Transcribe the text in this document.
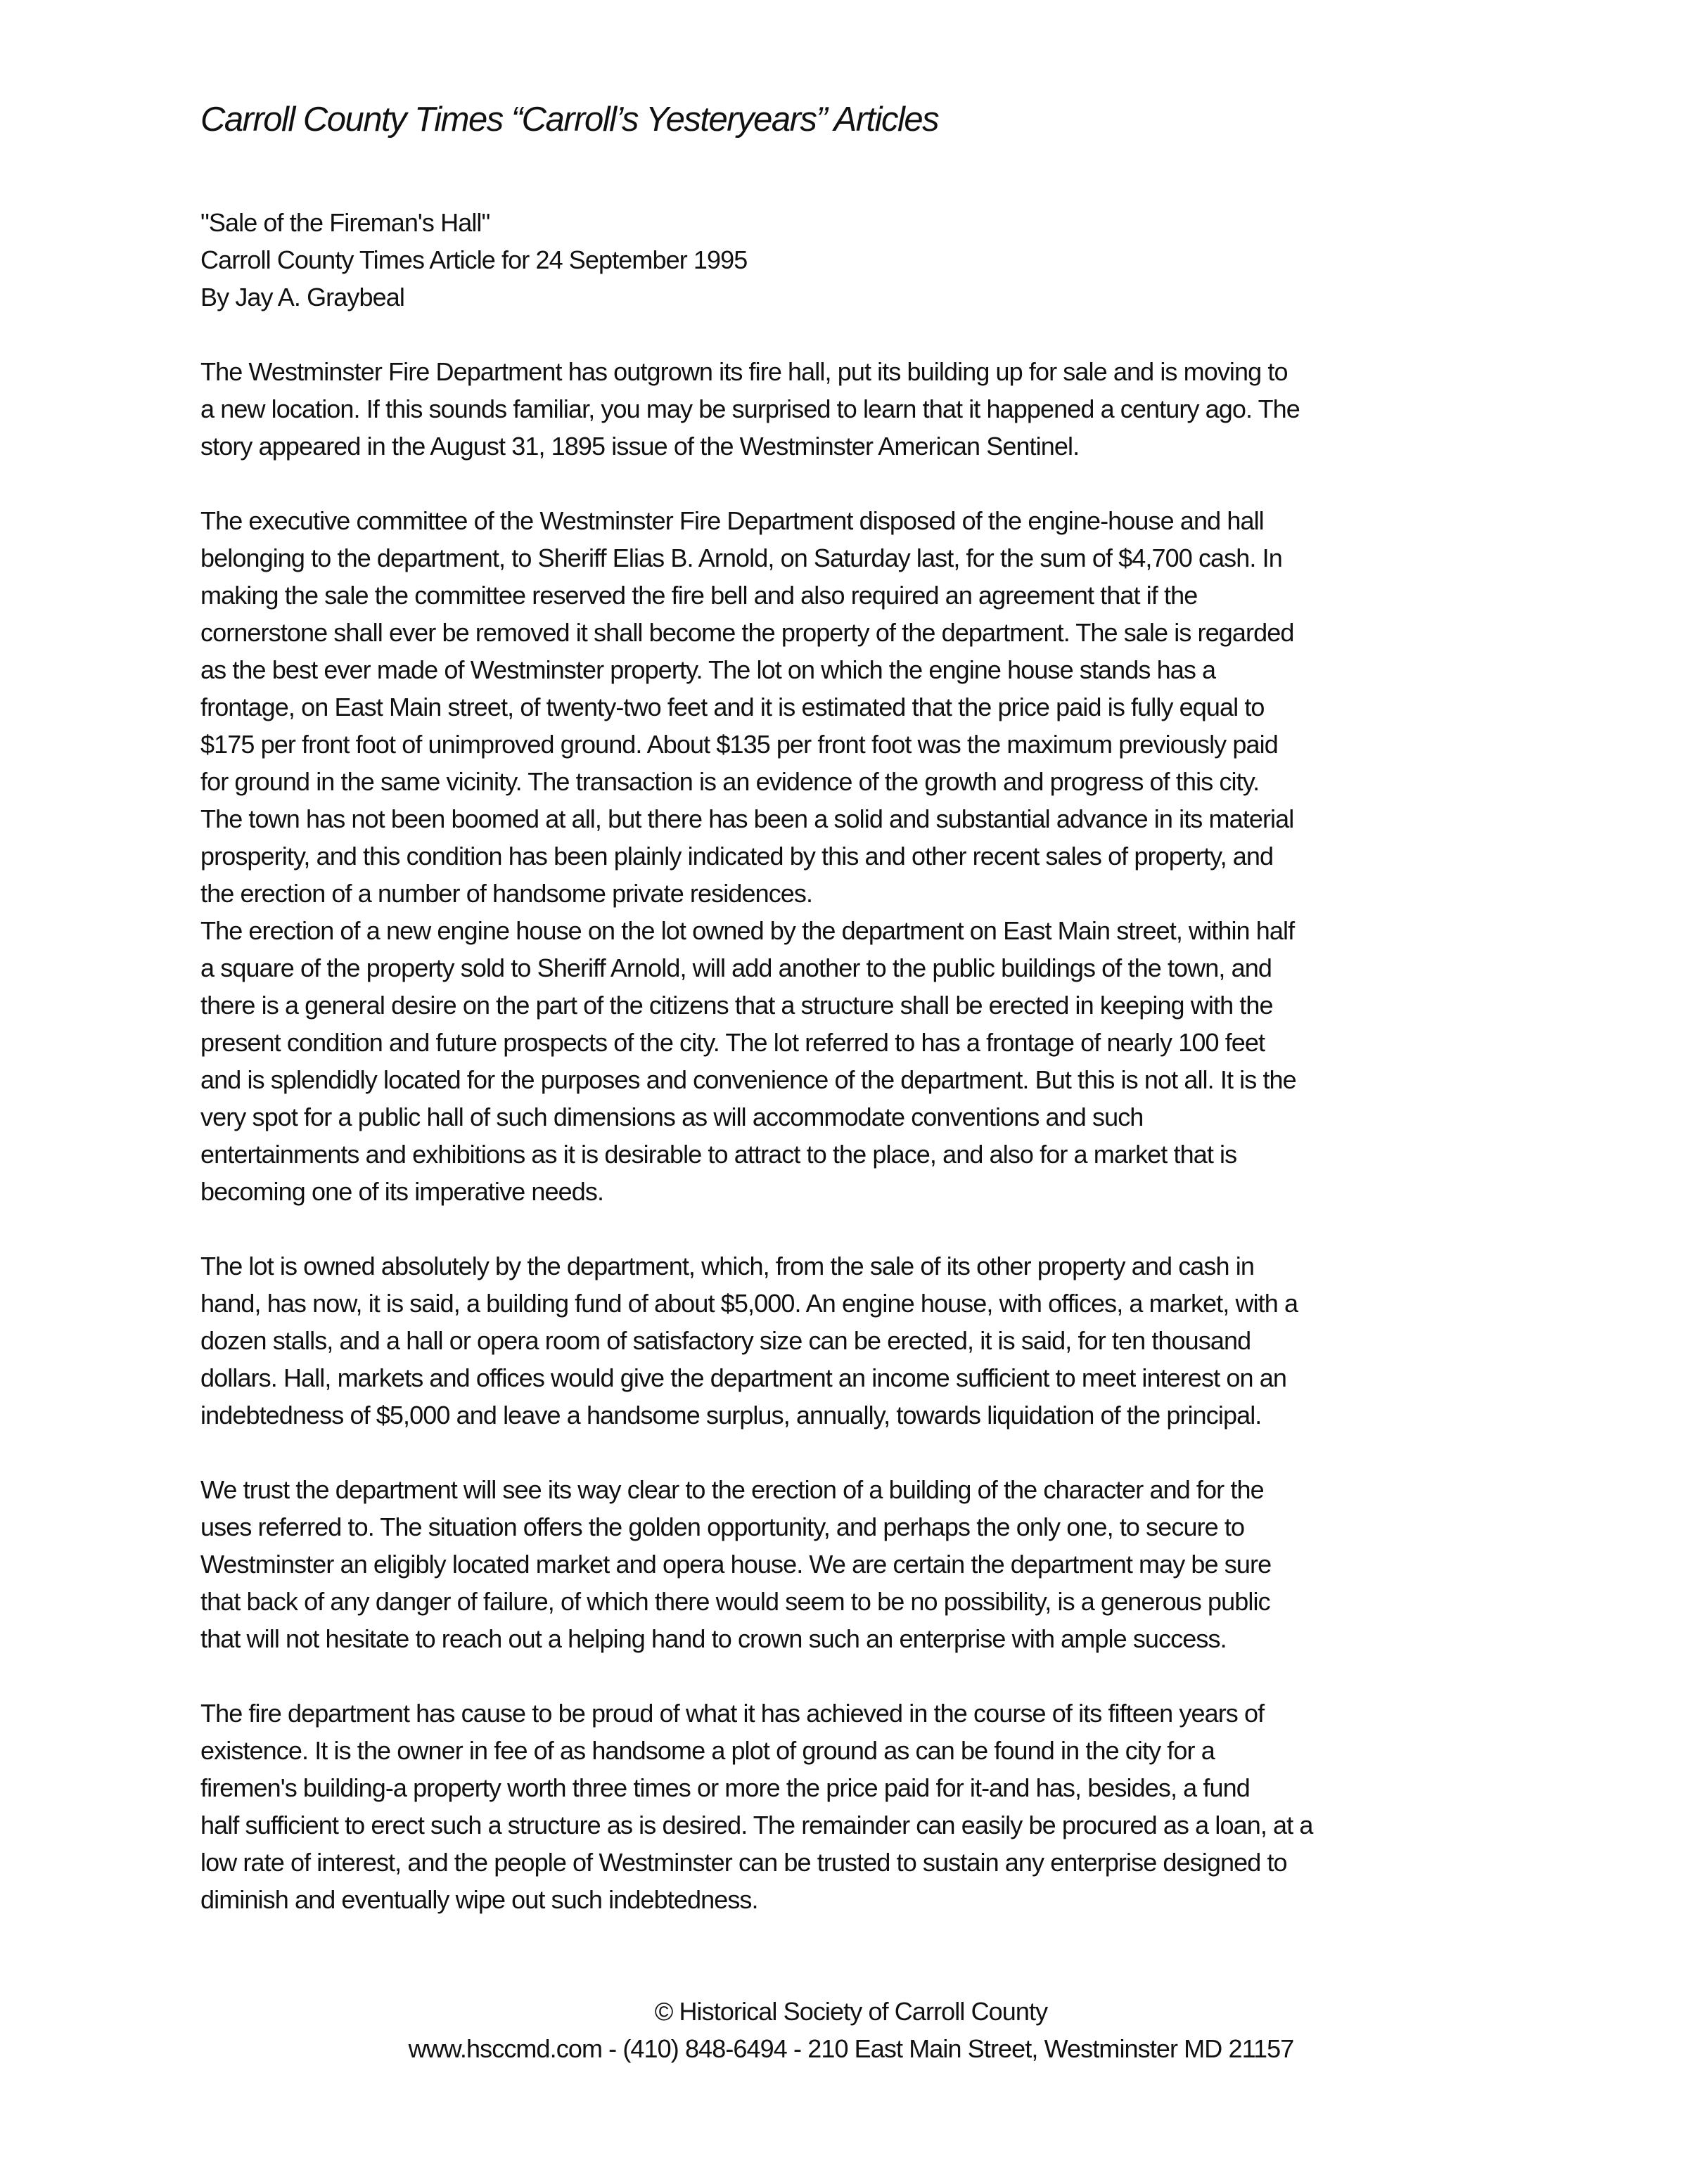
Carroll County Times “Carroll’s Yesteryears” Articles
"Sale of the Fireman's Hall"
Carroll County Times Article for 24 September 1995
By Jay A. Graybeal
The Westminster Fire Department has outgrown its fire hall, put its building up for sale and is moving to
a new location. If this sounds familiar, you may be surprised to learn that it happened a century ago. The
story appeared in the August 31, 1895 issue of the Westminster American Sentinel.
The executive committee of the Westminster Fire Department disposed of the engine-house and hall
belonging to the department, to Sheriff Elias B. Arnold, on Saturday last, for the sum of $4,700 cash. In
making the sale the committee reserved the fire bell and also required an agreement that if the
cornerstone shall ever be removed it shall become the property of the department. The sale is regarded
as the best ever made of Westminster property. The lot on which the engine house stands has a
frontage, on East Main street, of twenty-two feet and it is estimated that the price paid is fully equal to
$175 per front foot of unimproved ground. About $135 per front foot was the maximum previously paid
for ground in the same vicinity. The transaction is an evidence of the growth and progress of this city.
The town has not been boomed at all, but there has been a solid and substantial advance in its material
prosperity, and this condition has been plainly indicated by this and other recent sales of property, and
the erection of a number of handsome private residences.
The erection of a new engine house on the lot owned by the department on East Main street, within half
a square of the property sold to Sheriff Arnold, will add another to the public buildings of the town, and
there is a general desire on the part of the citizens that a structure shall be erected in keeping with the
present condition and future prospects of the city. The lot referred to has a frontage of nearly 100 feet
and is splendidly located for the purposes and convenience of the department. But this is not all. It is the
very spot for a public hall of such dimensions as will accommodate conventions and such
entertainments and exhibitions as it is desirable to attract to the place, and also for a market that is
becoming one of its imperative needs.
The lot is owned absolutely by the department, which, from the sale of its other property and cash in
hand, has now, it is said, a building fund of about $5,000. An engine house, with offices, a market, with a
dozen stalls, and a hall or opera room of satisfactory size can be erected, it is said, for ten thousand
dollars. Hall, markets and offices would give the department an income sufficient to meet interest on an
indebtedness of $5,000 and leave a handsome surplus, annually, towards liquidation of the principal.
We trust the department will see its way clear to the erection of a building of the character and for the
uses referred to. The situation offers the golden opportunity, and perhaps the only one, to secure to
Westminster an eligibly located market and opera house. We are certain the department may be sure
that back of any danger of failure, of which there would seem to be no possibility, is a generous public
that will not hesitate to reach out a helping hand to crown such an enterprise with ample success.
The fire department has cause to be proud of what it has achieved in the course of its fifteen years of
existence. It is the owner in fee of as handsome a plot of ground as can be found in the city for a
firemen's building-a property worth three times or more the price paid for it-and has, besides, a fund
half sufficient to erect such a structure as is desired. The remainder can easily be procured as a loan, at a
low rate of interest, and the people of Westminster can be trusted to sustain any enterprise designed to
diminish and eventually wipe out such indebtedness.
© Historical Society of Carroll County
www.hsccmd.com - (410) 848-6494 - 210 East Main Street, Westminster MD 21157
